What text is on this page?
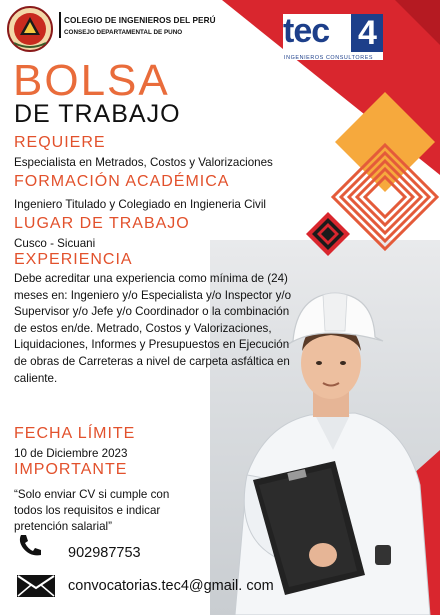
COLEGIO DE INGENIEROS DEL PERÚ
CONSEJO DEPARTAMENTAL DE PUNO	tec 4
INGENIEROS CONSULTORES
BOLSA
DE TRABAJO
REQUIERE
Especialista en Metrados, Costos y Valorizaciones
FORMACIÓN ACADÉMICA
Ingeniero Titulado y Colegiado en Ingieneria Civil
LUGAR DE TRABAJO
Cusco - Sicuani
EXPERIENCIA
Debe acreditar una experiencia como mínima de (24) meses en: Ingeniero y/o Especialista y/o Inspector y/o Supervisor y/o Jefe y/o Coordinador o la combinación de estos en/de. Metrado, Costos y Valorizaciones, Liquidaciones, Informes y Presupuestos en Ejecución de obras de Carreteras a nivel de carpeta asfáltica en caliente.
FECHA LÍMITE
10 de Diciembre 2023
IMPORTANTE
“Solo enviar CV si cumple con todos los requisitos e indicar pretención salarial”
902987753
convocatorias.tec4@gmail. com
